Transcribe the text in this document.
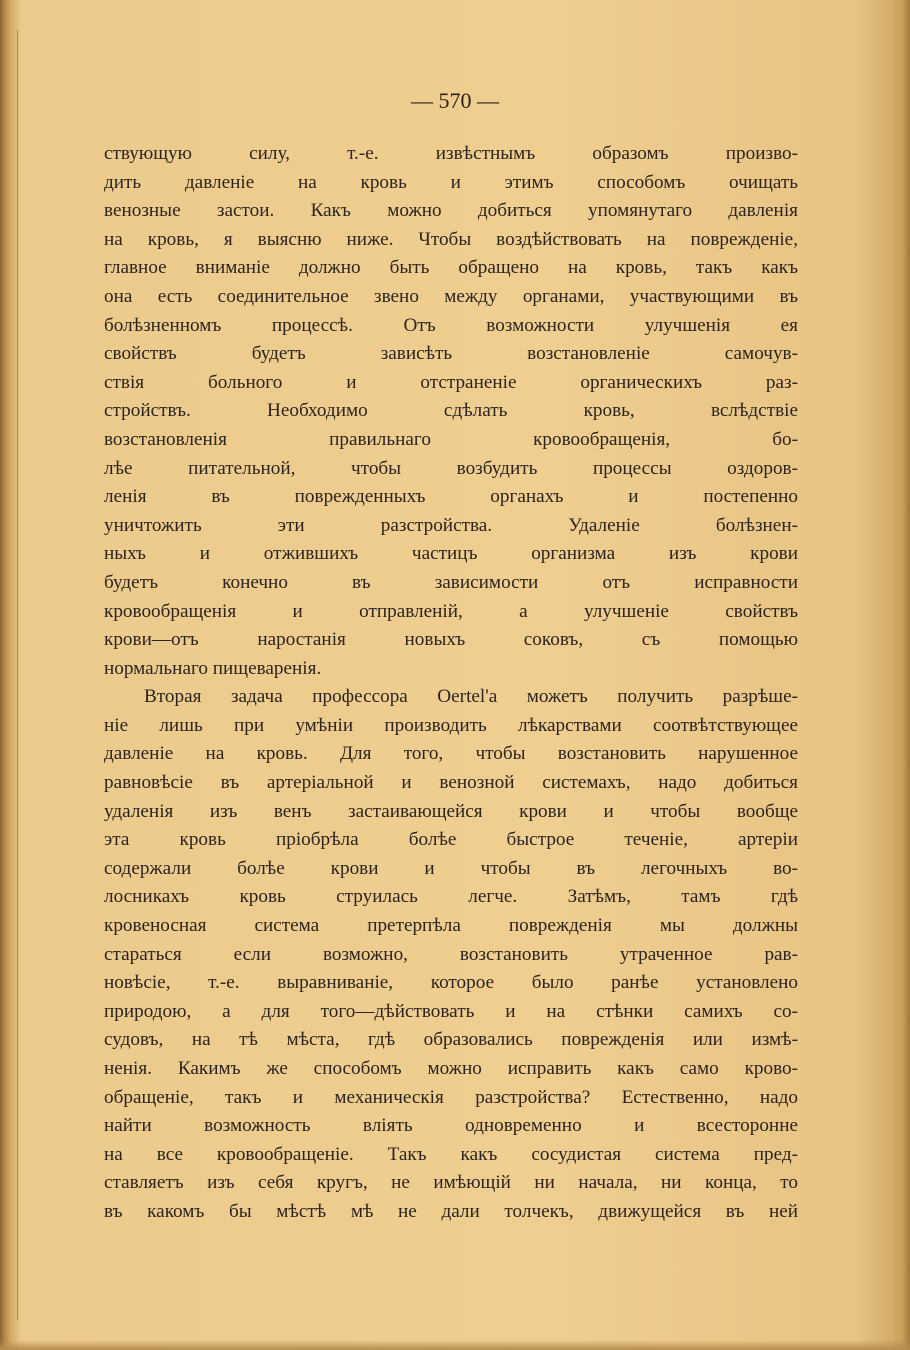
— 570 —
ствующую силу, т.-е. извѣстнымъ образомъ произво-
дить давленіе на кровь и этимъ способомъ очищать
венозные застои. Какъ можно добиться упомянутаго давленія
на кровь, я выясню ниже. Чтобы воздѣйствовать на поврежденіе,
главное вниманіе должно быть обращено на кровь, такъ какъ
она есть соединительное звено между органами, участвующими въ
болѣзненномъ процессѣ. Отъ возможности улучшенія ея
свойствъ будетъ зависѣть возстановленіе самочув-
ствія больного и отстраненіе органическихъ раз-
стройствъ. Необходимо сдѣлать кровь, вслѣдствіе
возстановленія правильнаго кровообращенія, бо-
лѣе питательной, чтобы возбудить процессы оздоров-
ленія въ поврежденныхъ органахъ и постепенно
уничтожить эти разстройства. Удаленіе болѣзнен-
ныхъ и отжившихъ частицъ организма изъ крови
будетъ конечно въ зависимости отъ исправности
кровообращенія и отправленій, а улучшеніе свойствъ
крови—отъ наростанія новыхъ соковъ, съ помощью
нормальнаго пищеваренія.
Вторая задача профессора Oertel'а можетъ получить разрѣше-
ніе лишь при умѣніи производить лѣкарствами соотвѣтствующее
давленіе на кровь. Для того, чтобы возстановить нарушенное
равновѣсіе въ артеріальной и венозной системахъ, надо добиться
удаленія изъ венъ застаивающейся крови и чтобы вообще
эта кровь пріобрѣла болѣе быстрое теченіе, артеріи
содержали болѣе крови и чтобы въ легочныхъ во-
лосникахъ кровь струилась легче. Затѣмъ, тамъ гдѣ
кровеносная система претерпѣла поврежденія мы должны
стараться если возможно, возстановить утраченное рав-
новѣсіе, т.-е. выравниваніе, которое было ранѣе установлено
природою, а для того—дѣйствовать и на стѣнки самихъ со-
судовъ, на тѣ мѣста, гдѣ образовались поврежденія или измѣ-
ненія. Какимъ же способомъ можно исправить какъ само крово-
обращеніе, такъ и механическія разстройства? Естественно, надо
найти возможность влiять одновременно и всесторонне
на все кровообращеніе. Такъ какъ сосудистая система пред-
ставляетъ изъ себя кругъ, не имѣющій ни начала, ни конца, то
въ какомъ бы мѣстѣ мѣ не дали толчекъ, движущейся въ ней
